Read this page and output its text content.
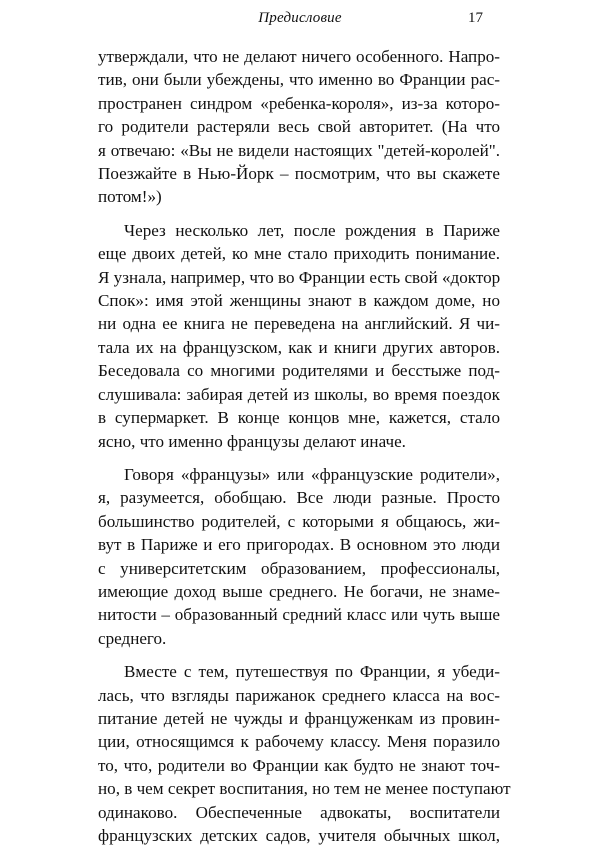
Предисловие	17

утверждали, что не делают ничего особенного. Напро-
тив, они были убеждены, что именно во Франции рас-
пространен синдром «ребенка-короля», из-за которо-
го родители растеряли весь свой авторитет. (На что
я отвечаю: «Вы не видели настоящих "детей-королей".
Поезжайте в Нью-Йорк – посмотрим, что вы скажете
потом!»)

Через несколько лет, после рождения в Париже
еще двоих детей, ко мне стало приходить понимание.
Я узнала, например, что во Франции есть свой «доктор
Спок»: имя этой женщины знают в каждом доме, но
ни одна ее книга не переведена на английский. Я чи-
тала их на французском, как и книги других авторов.
Беседовала со многими родителями и бесстыже под-
слушивала: забирая детей из школы, во время поездок
в супермаркет. В конце концов мне, кажется, стало
ясно, что именно французы делают иначе.

Говоря «французы» или «французские родители»,
я, разумеется, обобщаю. Все люди разные. Просто
большинство родителей, с которыми я общаюсь, жи-
вут в Париже и его пригородах. В основном это люди
с университетским образованием, профессионалы,
имеющие доход выше среднего. Не богачи, не знаме-
нитости – образованный средний класс или чуть выше
среднего.

Вместе с тем, путешествуя по Франции, я убеди-
лась, что взгляды парижанок среднего класса на вос-
питание детей не чужды и француженкам из провин-
ции, относящимся к рабочему классу. Меня поразило
то, что, родители во Франции как будто не знают точ-
но, в чем секрет воспитания, но тем не менее поступают
одинаково. Обеспеченные адвокаты, воспитатели
французских детских садов, учителя обычных школ,
